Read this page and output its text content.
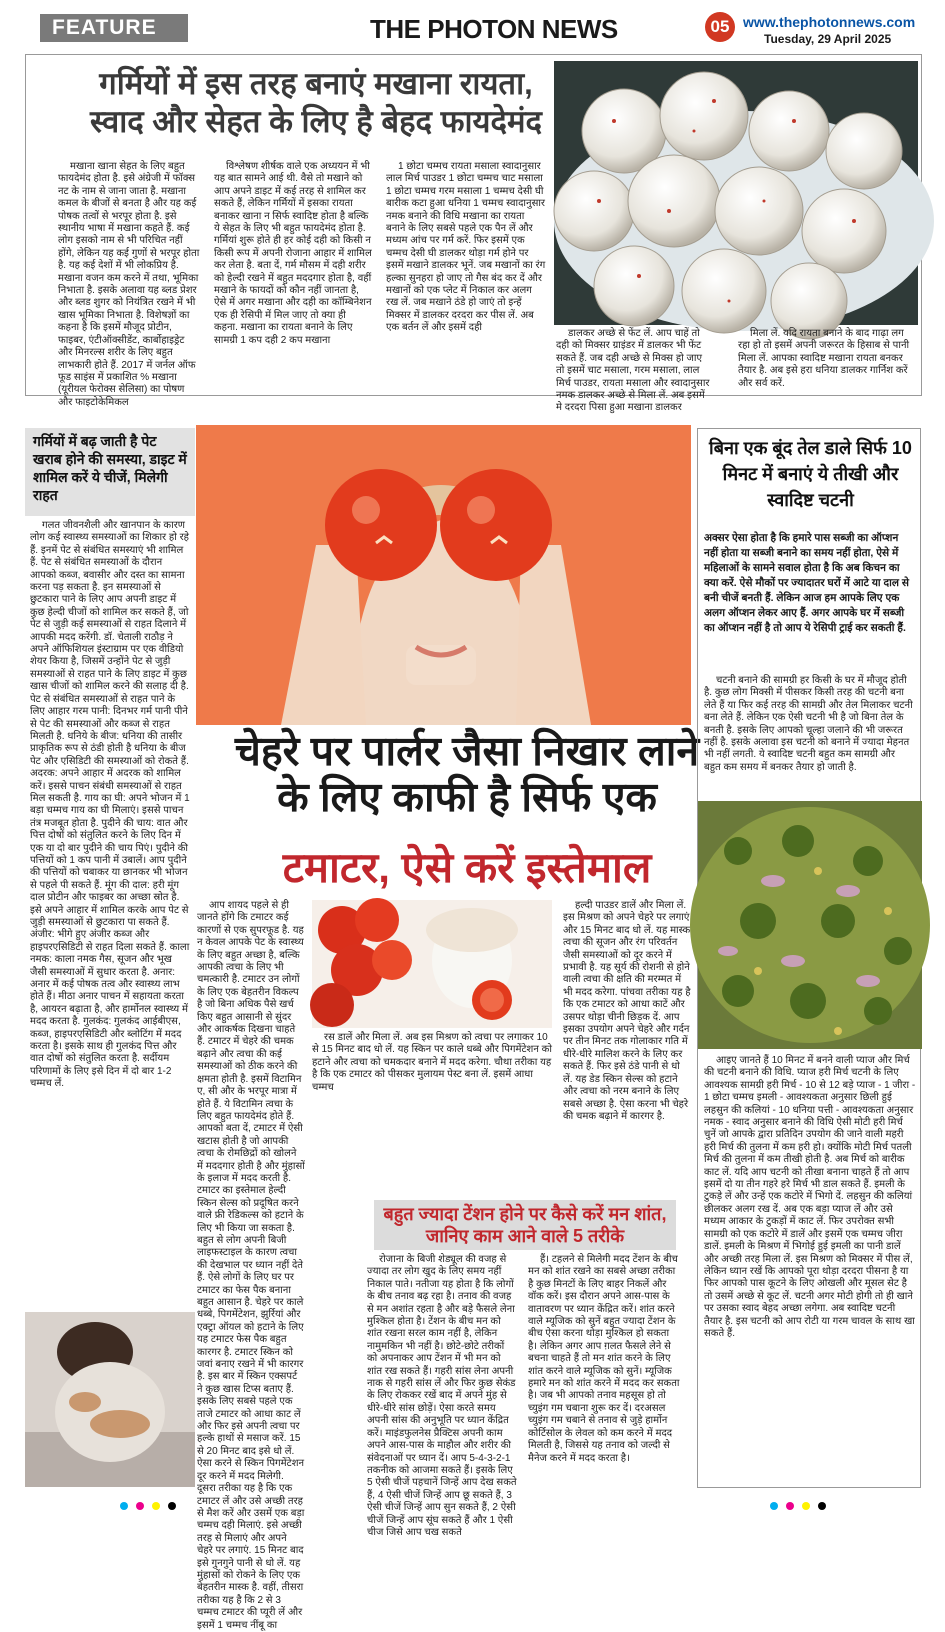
FEATURE	THE PHOTON NEWS	05 www.thephotonnews.com
Tuesday, 29 April 2025
गर्मियों में इस तरह बनाएं मखाना रायता,
स्वाद और सेहत के लिए है बेहद फायदेमंद
मखाना खाना सेहत के लिए बहुत फायदेमंद होता है. इसे अंग्रेजी में फॉक्स नट के नाम से जाना जाता है. मखाना कमल के बीजों से बनता है और यह कई पोषक तत्वों से भरपूर होता है. इसे स्थानीय भाषा में मखाना कहते हैं. कई लोग इसको नाम से भी परिचित नहीं होंगे, लेकिन यह कई गुणों से भरपूर होता है. यह कई देशों में भी लोकप्रिय है. मखाना वजन कम करने में तथा, भूमिका निभाता है. इसके अलावा यह ब्लड प्रेशर और ब्लड शुगर को नियंत्रित रखने में भी खास भूमिका निभाता है. विशेषज्ञों का कहना है कि इसमें मौजूद प्रोटीन, फाइबर, एंटीऑक्सीडेंट, कार्बोहाइड्रेट और मिनरल्स शरीर के लिए बहुत लाभकारी होते हैं. 2017 में जर्नल ऑफ फूड साइंस में प्रकाशित % मखाना (यूरीयल फेरोक्स सेलिसा) का पोषण और फाइटोकेमिकल
विश्लेषण शीर्षक वाले एक अध्ययन में भी यह बात सामने आई थी. वैसे तो मखाने को आप अपने डाइट में कई तरह से शामिल कर सकते हैं, लेकिन गर्मियों में इसका रायता बनाकर खाना न सिर्फ स्वादिष्ट होता है बल्कि ये सेहत के लिए भी बहुत फायदेमंद होता है. गर्मियां शुरू होते ही हर कोई दही को किसी न किसी रूप में अपनी रोजाना आहार में शामिल कर लेता है. बता दें, गर्म मौसम में दही शरीर को हेल्दी रखने में बहुत मददगार होता है, वहीं मखाने के फायदों को कौन नहीं जानता है, ऐसे में अगर मखाना और दही का कॉम्बिनेशन एक ही रेसिपी में मिल जाए तो क्या ही कहना. मखाना का रायता बनाने के लिए सामग्री 1 कप दही 2 कप मखाना
1 छोटा चम्मच रायता मसाला स्वादानुसार लाल मिर्च पाउडर 1 छोटा चम्मच चाट मसाला 1 छोटा चम्मच गरम मसाला 1 चम्मच देसी घी बारीक कटा हुआ धनिया 1 चम्मच स्वादानुसार नमक बनाने की विधि मखाना का रायता बनाने के लिए सबसे पहले एक पैन लें और मध्यम आंच पर गर्म करें. फिर इसमें एक चम्मच देसी घी डालकर थोड़ा गर्म होने पर इसमें मखाने डालकर भूनें. जब मखानों का रंग हल्का सुनहरा हो जाए तो गैस बंद कर दें और मखानों को एक प्लेट में निकाल कर अलग रख लें. जब मखाने ठंडे हो जाएं तो इन्हें मिक्सर में डालकर दरदरा कर पीस लें. अब एक बर्तन लें और इसमें दही
डालकर अच्छे से फेंट लें. आप चाहें तो दही को मिक्सर ग्राइंडर में डालकर भी फेंट सकते हैं. जब दही अच्छे से मिक्स हो जाए तो इसमें चाट मसाला, गरम मसाला, लाल मिर्च पाउडर, रायता मसाला और स्वादानुसार नमक डालकर अच्छे से मिला लें. अब इसमें मे दरदरा पिसा हुआ मखाना डालकर
मिला लें. यदि रायता बनाने के बाद गाढ़ा लग रहा हो तो इसमें अपनी जरूरत के हिसाब से पानी मिला लें. आपका स्वादिष्ट मखाना रायता बनकर तैयार है. अब इसे हरा धनिया डालकर गार्निश करें और सर्व करें.
गर्मियों में बढ़ जाती है पेट खराब होने की समस्या, डाइट में शामिल करें ये चीजें, मिलेगी राहत
गलत जीवनशैली और खानपान के कारण लोग कई स्वास्थ्य समस्याओं का शिकार हो रहे हैं. इनमें पेट से संबंधित समस्याएं भी शामिल हैं. पेट से संबंधित समस्याओं के दौरान आपको कब्ज, बवासीर और दस्त का सामना करना पड़ सकता है. इन समस्याओं से छुटकारा पाने के लिए आप अपनी डाइट में कुछ हेल्दी चीजों को शामिल कर सकते हैं, जो पेट से जुड़ी कई समस्याओं से राहत दिलाने में आपकी मदद करेंगी. डॉ. चेताली राठौड़ ने अपने ऑफिशियल इंस्टाग्राम पर एक वीडियो शेयर किया है, जिसमें उन्होंने पेट से जुड़ी समस्याओं से राहत पाने के लिए डाइट में कुछ खास चीजों को शामिल करने की सलाह दी है. पेट से संबंधित समस्याओं से राहत पाने के लिए आहार गरम पानी: दिनभर गर्म पानी पीने से पेट की समस्याओं और कब्ज से राहत मिलती है. धनिये के बीज: धनिया की तासीर प्राकृतिक रूप से ठंडी होती है धनिया के बीज पेट और एसिडिटी की समस्याओं को रोकते हैं. अदरक: अपने आहार में अदरक को शामिल करें। इससे पाचन संबंधी समस्याओं से राहत मिल सकती है. गाय का घी: अपने भोजन में 1 बड़ा चम्मच गाय का घी मिलाएं। इससे पाचन तंत्र मजबूत होता है. पुदीने की चाय: वात और पित्त दोषों को संतुलित करने के लिए दिन में एक या दो बार पुदीने की चाय पिएं। पुदीने की पत्तियों को 1 कप पानी में उबालें। आप पुदीने की पत्तियों को चबाकर या छानकर भी भोजन से पहले पी सकते हैं. मूंग की दाल: हरी मूंग दाल प्रोटीन और फाइबर का अच्छा स्रोत है. इसे अपने आहार में शामिल करके आप पेट से जुड़ी समस्याओं से छुटकारा पा सकते हैं. अंजीर: भीगे हुए अंजीर कब्ज और हाइपरएसिडिटी से राहत दिला सकते हैं. काला नमक: काला नमक गैस, सूजन और भूख जैसी समस्याओं में सुधार करता है. अनार: अनार में कई पोषक तत्व और स्वास्थ्य लाभ होते हैं। मीठा अनार पाचन में सहायता करता है, आयरन बढ़ाता है, और हार्मोनल स्वास्थ्य में मदद करता है. गुलकंद: गुलकंद आईबीएस, कब्ज, हाइपरएसिडिटी और ब्लोटिंग में मदद करता है। इसके साथ ही गुलकंद पित्त और वात दोषों को संतुलित करता है. सर्दीयम परिणामों के लिए इसे दिन में दो बार 1-2 चम्मच लें.
चेहरे पर पार्लर जैसा निखार लाने
के लिए काफी है सिर्फ एक
टमाटर, ऐसे करें इस्तेमाल
आप शायद पहले से ही जानते होंगे कि टमाटर कई कारणों से एक सुपरफूड है. यह न केवल आपके पेट के स्वास्थ्य के लिए बहुत अच्छा है, बल्कि आपकी त्वचा के लिए भी चमत्कारी है. टमाटर उन लोगों के लिए एक बेहतरीन विकल्प है जो बिना अधिक पैसे खर्च किए बहुत आसानी से सुंदर और आकर्षक दिखना चाहते हैं. टमाटर में चेहरे की चमक बढ़ाने और त्वचा की कई समस्याओं को ठीक करने की क्षमता होती है. इसमें विटामिन ए, सी और के भरपूर मात्रा में होते हैं. ये विटामिन त्वचा के लिए बहुत फायदेमंद होते हैं. आपको बता दें, टमाटर में ऐसी खटास होती है जो आपकी त्वचा के रोमछिद्रों को खोलने में मददगार होती है और मुंहासों के इलाज में मदद करती है. टमाटर का इस्तेमाल हेल्दी स्किन सेल्स को प्रदूषित करने वाले फ्री रेडिकल्स को हटाने के लिए भी किया जा सकता है. बहुत से लोग अपनी बिजी लाइफस्टाइल के कारण त्वचा की देखभाल पर ध्यान नहीं देते हैं. ऐसे लोगों के लिए घर पर टमाटर का फेस पैक बनाना बहुत आसान है. चेहरे पर काले धब्बे, पिगमेंटेशन, झुर्रियां और एक्ट्रा ऑयल को हटाने के लिए यह टमाटर फेस पैक बहुत कारगर है. टमाटर स्किन को जवां बनाए रखने में भी कारगर है. इस बार में स्किन एक्सपर्ट ने कुछ खास टिप्स बताए हैं. इसके लिए सबसे पहले एक ताजे टमाटर को आधा काट लें और फिर इसे अपनी त्वचा पर हल्के हाथों से मसाज करें. 15 से 20 मिनट बाद इसे धो लें. ऐसा करने से स्किन पिगमेंटेशन दूर करने में मदद मिलेगी. दूसरा तरीका यह है कि एक टमाटर लें और उसे अच्छी तरह से मैश करें और उसमें एक बड़ा चम्मच दही मिलाएं. इसे अच्छी तरह से मिलाएं और अपने चेहरे पर लगाएं. 15 मिनट बाद इसे गुनगुने पानी से धो लें. यह मुंहासों को रोकने के लिए एक बेहतरीन मास्क है. वहीं, तीसरा तरीका यह है कि 2 से 3 चम्मच टमाटर की प्यूरी लें और इसमें 1 चम्मच नींबू का
रस डालें और मिला लें. अब इस मिश्रण को त्वचा पर लगाकर 10 से 15 मिनट बाद धो लें. यह स्किन पर काले धब्बे और पिगमेंटेशन को हटाने और त्वचा को चमकदार बनाने में मदद करेगा. चौथा तरीका यह है कि एक टमाटर को पीसकर मुलायम पेस्ट बना लें. इसमें आधा चम्मच
हल्दी पाउडर डालें और मिला लें. इस मिश्रण को अपने चेहरे पर लगाएं और 15 मिनट बाद धो लें. यह मास्क त्वचा की सूजन और रंग परिवर्तन जैसी समस्याओं को दूर करने में प्रभावी है. यह सूर्य की रोशनी से होने वाली त्वचा की क्षति की मरम्मत में भी मदद करेगा. पांचवा तरीका यह है कि एक टमाटर को आधा काटें और उसपर थोड़ा चीनी छिड़क दें. आप इसका उपयोग अपने चेहरे और गर्दन पर तीन मिनट तक गोलाकार गति में धीरे-धीरे मालिश करने के लिए कर सकते हैं. फिर इसे ठंडे पानी से धो लें. यह डेड स्किन सेल्स को हटाने और त्वचा को नरम बनाने के लिए सबसे अच्छा है. ऐसा करना भी चेहरे की चमक बढ़ाने में कारगर है.
बहुत ज्यादा टेंशन होने पर कैसे करें मन शांत, जानिए काम आने वाले 5 तरीके
रोजाना के बिजी शेड्यूल की वजह से ज्यादा तर लोग खुद के लिए समय नहीं निकाल पाते। नतीजा यह होता है कि लोगों के बीच तनाव बढ़ रहा है। तनाव की वजह से मन अशांत रहता है और बड़े फैसले लेना मुश्किल होता है। टेंशन के बीच मन को शांत रखना सरल काम नहीं है, लेकिन नामुमकिन भी नहीं है। छोटे-छोटे तरीकों को अपनाकर आप टेंशन में भी मन को शांत रख सकते हैं। गहरी सांस लेना अपनी नाक से गहरी सांस लें और फिर कुछ सेकंड के लिए रोककर रखें बाद में अपने मुंह से धीरे-धीरे सांस छोड़ें। ऐसा करते समय अपनी सांस की अनुभूति पर ध्यान केंद्रित करें। माइंडफुलनेस प्रैक्टिस अपनी काम अपने आस-पास के माहौल और शरीर की संवेदनाओं पर ध्यान दें। आप 5-4-3-2-1 तकनीक को आजमा सकते हैं। इसके लिए 5 ऐसी चीजें पहचानें जिन्हें आप देख सकते हैं, 4 ऐसी चीजें जिन्हें आप छू सकते हैं, 3 ऐसी चीजें जिन्हें आप सुन सकते हैं, 2 ऐसी चीजें जिन्हें आप सूंघ सकते हैं और 1 ऐसी चीज जिसे आप चख सकते
हैं। टहलने से मिलेगी मदद टेंशन के बीच मन को शांत रखने का सबसे अच्छा तरीका है कुछ मिनटों के लिए बाहर निकलें और वॉक करें। इस दौरान अपने आस-पास के वातावरण पर ध्यान केंद्रित करें। शांत करने वाले म्यूजिक को सुनें बहुत ज्यादा टेंशन के बीच ऐसा करना थोड़ा मुश्किल हो सकता है। लेकिन अगर आप ग़लत फैसले लेने से बचना चाहते हैं तो मन शांत करने के लिए शांत करने वाले म्यूजिक को सुनें। म्यूजिक हमारे मन को शांत करने में मदद कर सकता है। जब भी आपको तनाव महसूस हो तो च्युइंग गम चबाना शुरू कर दें। दरअसल च्युइंग गम चबाने से तनाव से जुड़े हार्मोन कोर्टिसोल के लेवल को कम करने में मदद मिलती है, जिससे यह तनाव को जल्दी से मैनेज करने में मदद करता है।
बिना एक बूंद तेल डाले सिर्फ 10 मिनट में बनाएं ये तीखी और स्वादिष्ट चटनी
अक्सर ऐसा होता है कि हमारे पास सब्जी का ऑप्शन नहीं होता या सब्जी बनाने का समय नहीं होता, ऐसे में महिलाओं के सामने सवाल होता है कि अब किचन का क्या करें. ऐसे मौकों पर ज्यादातर घरों में आटे या दाल से बनी चीजें बनती हैं. लेकिन आज हम आपके लिए एक अलग ऑप्शन लेकर आए हैं. अगर आपके घर में सब्जी का ऑप्शन नहीं है तो आप ये रेसिपी ट्राई कर सकती हैं.
चटनी बनाने की सामग्री हर किसी के घर में मौजूद होती है. कुछ लोग मिक्सी में पीसकर किसी तरह की चटनी बना लेते हैं या फिर कई तरह की सामग्री और तेल मिलाकर चटनी बना लेते हैं. लेकिन एक ऐसी चटनी भी है जो बिना तेल के बनती है. इसके लिए आपको चूल्हा जलाने की भी जरूरत नहीं है. इसके अलावा इस चटनी को बनाने में ज्यादा मेहनत भी नहीं लगती. ये स्वादिष्ट चटनी बहुत कम सामग्री और बहुत कम समय में बनकर तैयार हो जाती है.
आइए जानते हैं 10 मिनट में बनने वाली प्याज और मिर्च की चटनी बनाने की विधि. प्याज हरी मिर्च चटनी के लिए आवश्यक सामग्री हरी मिर्च - 10 से 12 बड़े प्याज - 1 जीरा - 1 छोटा चम्मच इमली - आवश्यकता अनुसार छिली हुई लहसुन की कलियां - 10 धनिया पत्ती - आवश्यकता अनुसार नमक - स्वाद अनुसार बनाने की विधि ऐसी मोटी हरी मिर्च चुनें जो आपके द्वारा प्रतिदिन उपयोग की जाने वाली महरी हरी मिर्च की तुलना में कम हरी हो। क्योंकि मोटी मिर्च पतली मिर्च की तुलना में कम तीखी होती है. अब मिर्च को बारीक काट लें. यदि आप चटनी को तीखा बनाना चाहते हैं तो आप इसमें दो या तीन गहरे हरे मिर्च भी डाल सकते हैं. इमली के टुकड़े लें और उन्हें एक कटोरे में भिगो दें. लहसुन की कलियां छीलकर अलग रख दें. अब एक बड़ा प्याज लें और उसे मध्यम आकार के टुकड़ों में काट लें. फिर उपरोक्त सभी सामग्री को एक कटोरे में डालें और इसमें एक चम्मच जीरा डालें. इमली के मिश्रण में भिगोई हुई इमली का पानी डालें और अच्छी तरह मिला लें. इस मिश्रण को मिक्सर में पीस लें, लेकिन ध्यान रखें कि आपको पूरा थोड़ा दरदरा पीसना है या फिर आपको पास कूटने के लिए ओखली और मूसल सेट है तो उसमें अच्छे से कूट लें. चटनी अगर मोटी होगी तो ही खाने पर उसका स्वाद बेहद अच्छा लगेगा. अब स्वादिष्ट चटनी तैयार है. इस चटनी को आप रोटी या गरम चावल के साथ खा सकते हैं.
